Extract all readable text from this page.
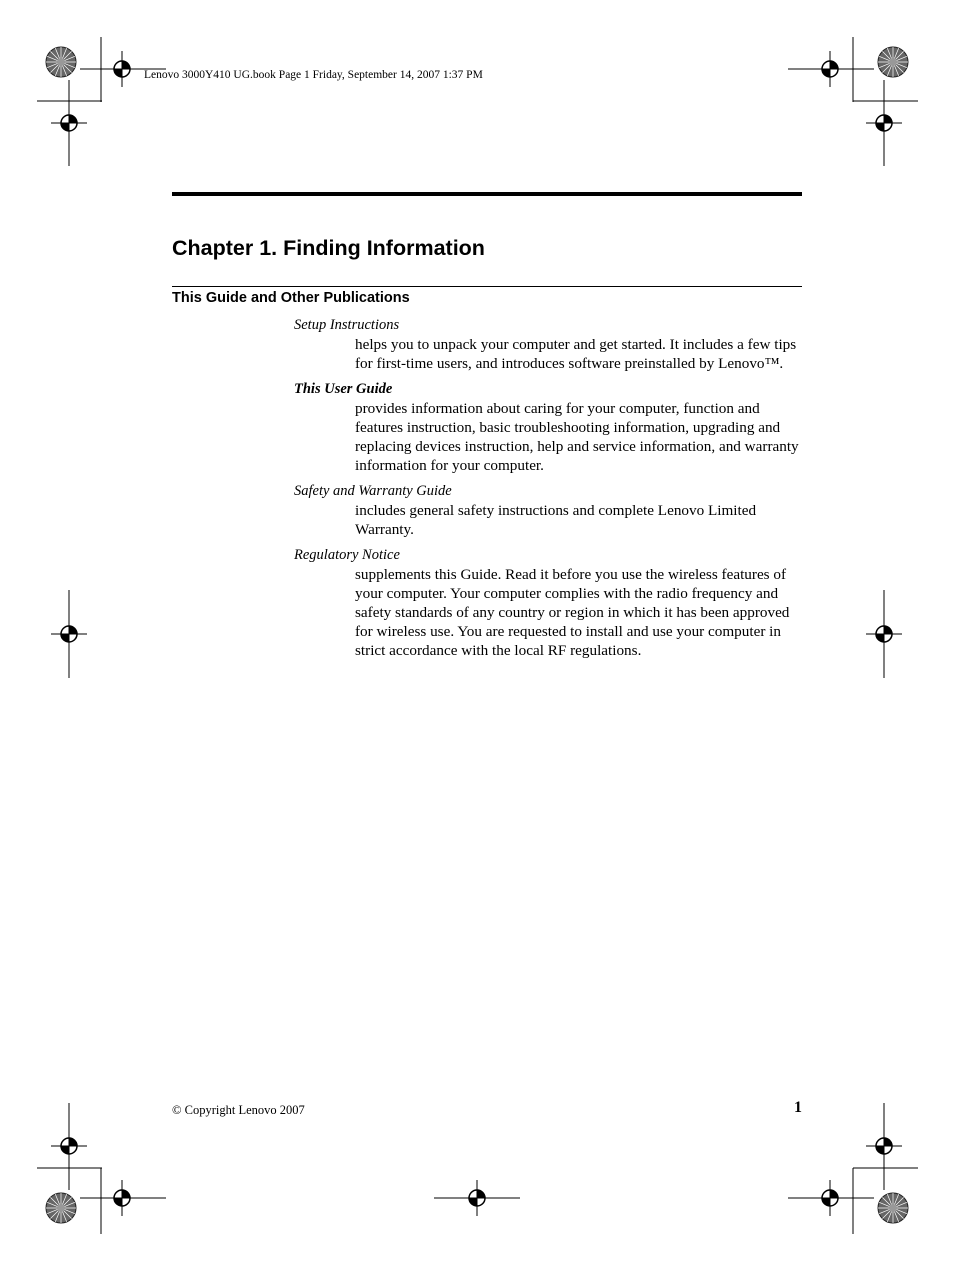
Lenovo 3000Y410 UG.book Page 1 Friday, September 14, 2007 1:37 PM
Chapter 1. Finding Information
This Guide and Other Publications

Setup Instructions

helps you to unpack your computer and get started. It includes a few tips for first-time users, and introduces software preinstalled by Lenovo™.

This User Guide

provides information about caring for your computer, function and features instruction, basic troubleshooting information, upgrading and replacing devices instruction, help and service information, and warranty information for your computer.

Safety and Warranty Guide

includes general safety instructions and complete Lenovo Limited Warranty.

Regulatory Notice

supplements this Guide. Read it before you use the wireless features of your computer. Your computer complies with the radio frequency and safety standards of any country or region in which it has been approved for wireless use. You are requested to install and use your computer in strict accordance with the local RF regulations.

© Copyright Lenovo 2007	1
